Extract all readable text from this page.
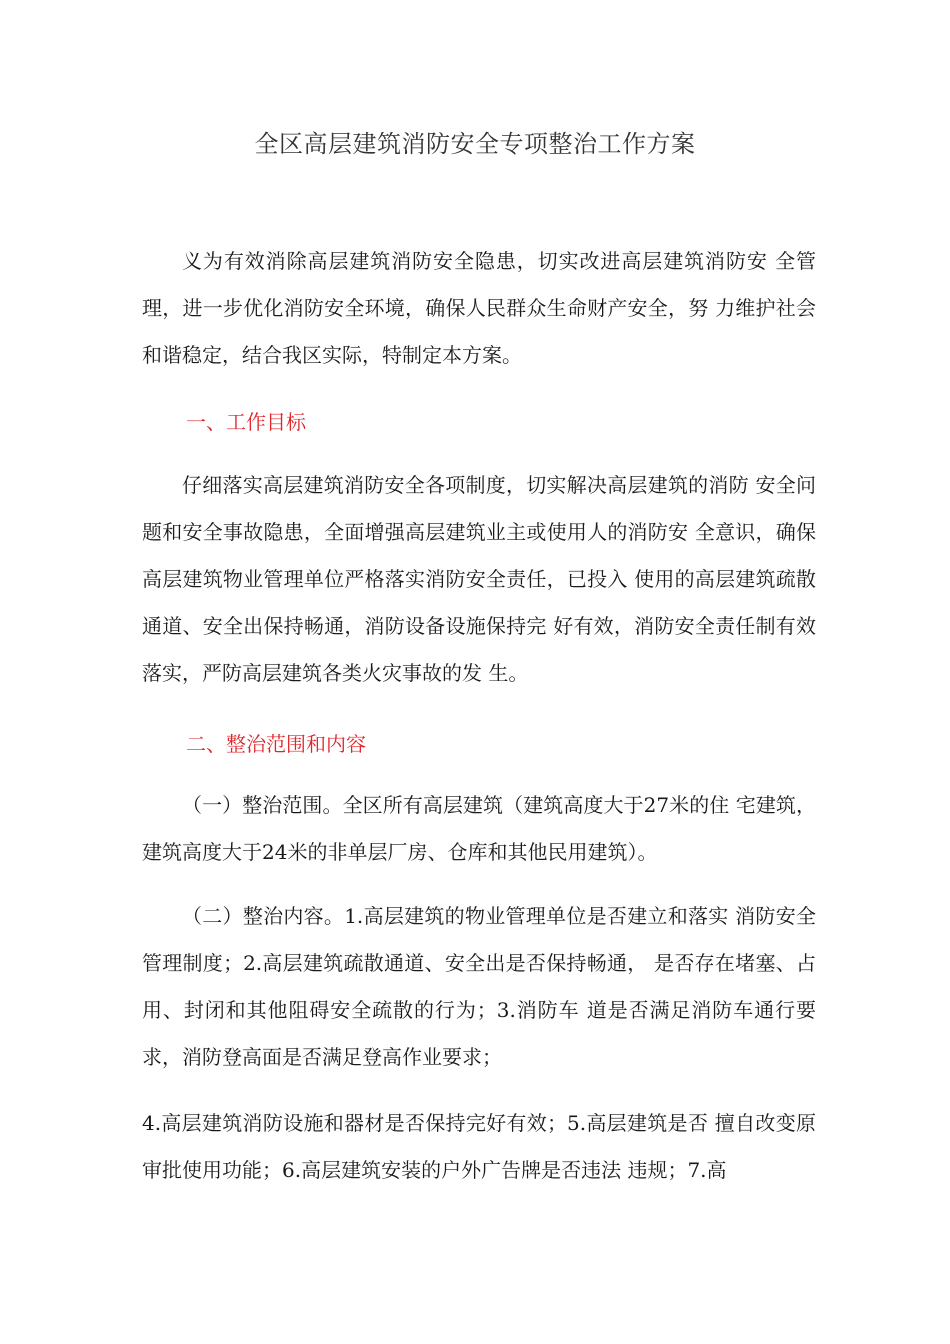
全区高层建筑消防安全专项整治工作方案

义为有效消除高层建筑消防安全隐患，切实改进高层建筑消防安 全管理，进一步优化消防安全环境，确保人民群众生命财产安全，努 力维护社会和谐稳定，结合我区实际，特制定本方案。

一、工作目标

仔细落实高层建筑消防安全各项制度，切实解决高层建筑的消防 安全问题和安全事故隐患，全面增强高层建筑业主或使用人的消防安 全意识，确保高层建筑物业管理单位严格落实消防安全责任，已投入 使用的高层建筑疏散通道、安全出保持畅通，消防设备设施保持完 好有效，消防安全责任制有效落实，严防高层建筑各类火灾事故的发 生。

二、整治范围和内容

（一）整治范围。全区所有高层建筑（建筑高度大于27米的住 宅建筑，建筑高度大于24米的非单层厂房、仓库和其他民用建筑）。

（二）整治内容。1.高层建筑的物业管理单位是否建立和落实 消防安全管理制度；2.高层建筑疏散通道、安全出是否保持畅通， 是否存在堵塞、占用、封闭和其他阻碍安全疏散的行为；3.消防车 道是否满足消防车通行要求，消防登高面是否满足登高作业要求；

4.高层建筑消防设施和器材是否保持完好有效；5.高层建筑是否 擅自改变原审批使用功能；6.高层建筑安装的户外广告牌是否违法 违规；7.高
